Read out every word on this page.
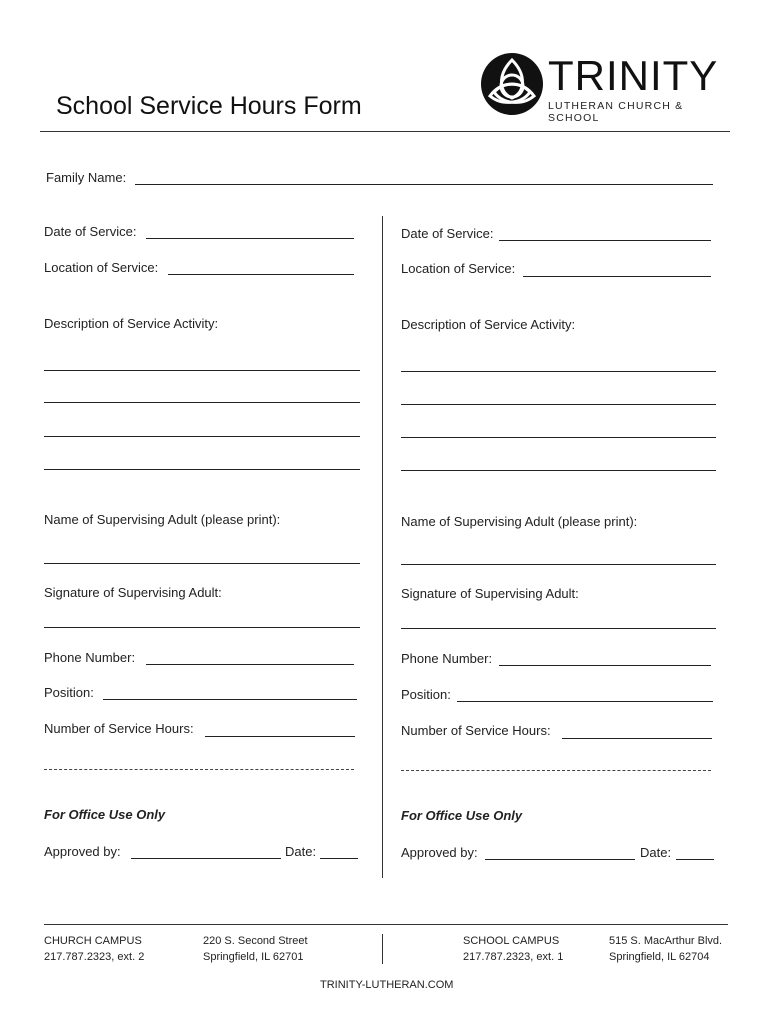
School Service Hours Form
TRINITY
LUTHERAN CHURCH & SCHOOL
Family Name:
Date of Service:
Location of Service:
Description of Service Activity:
Name of Supervising Adult (please print):
Signature of Supervising Adult:
Phone Number:
Position:
Number of Service Hours:
For Office Use Only
Approved by:	Date:
Date of Service:
Location of Service:
Description of Service Activity:
Name of Supervising Adult (please print):
Signature of Supervising Adult:
Phone Number:
Position:
Number of Service Hours:
For Office Use Only
Approved by:	Date:
CHURCH CAMPUS
217.787.2323, ext. 2
220 S. Second Street
Springfield, IL 62701
SCHOOL CAMPUS
217.787.2323, ext. 1
515 S. MacArthur Blvd.
Springfield, IL 62704
TRINITY-LUTHERAN.COM
